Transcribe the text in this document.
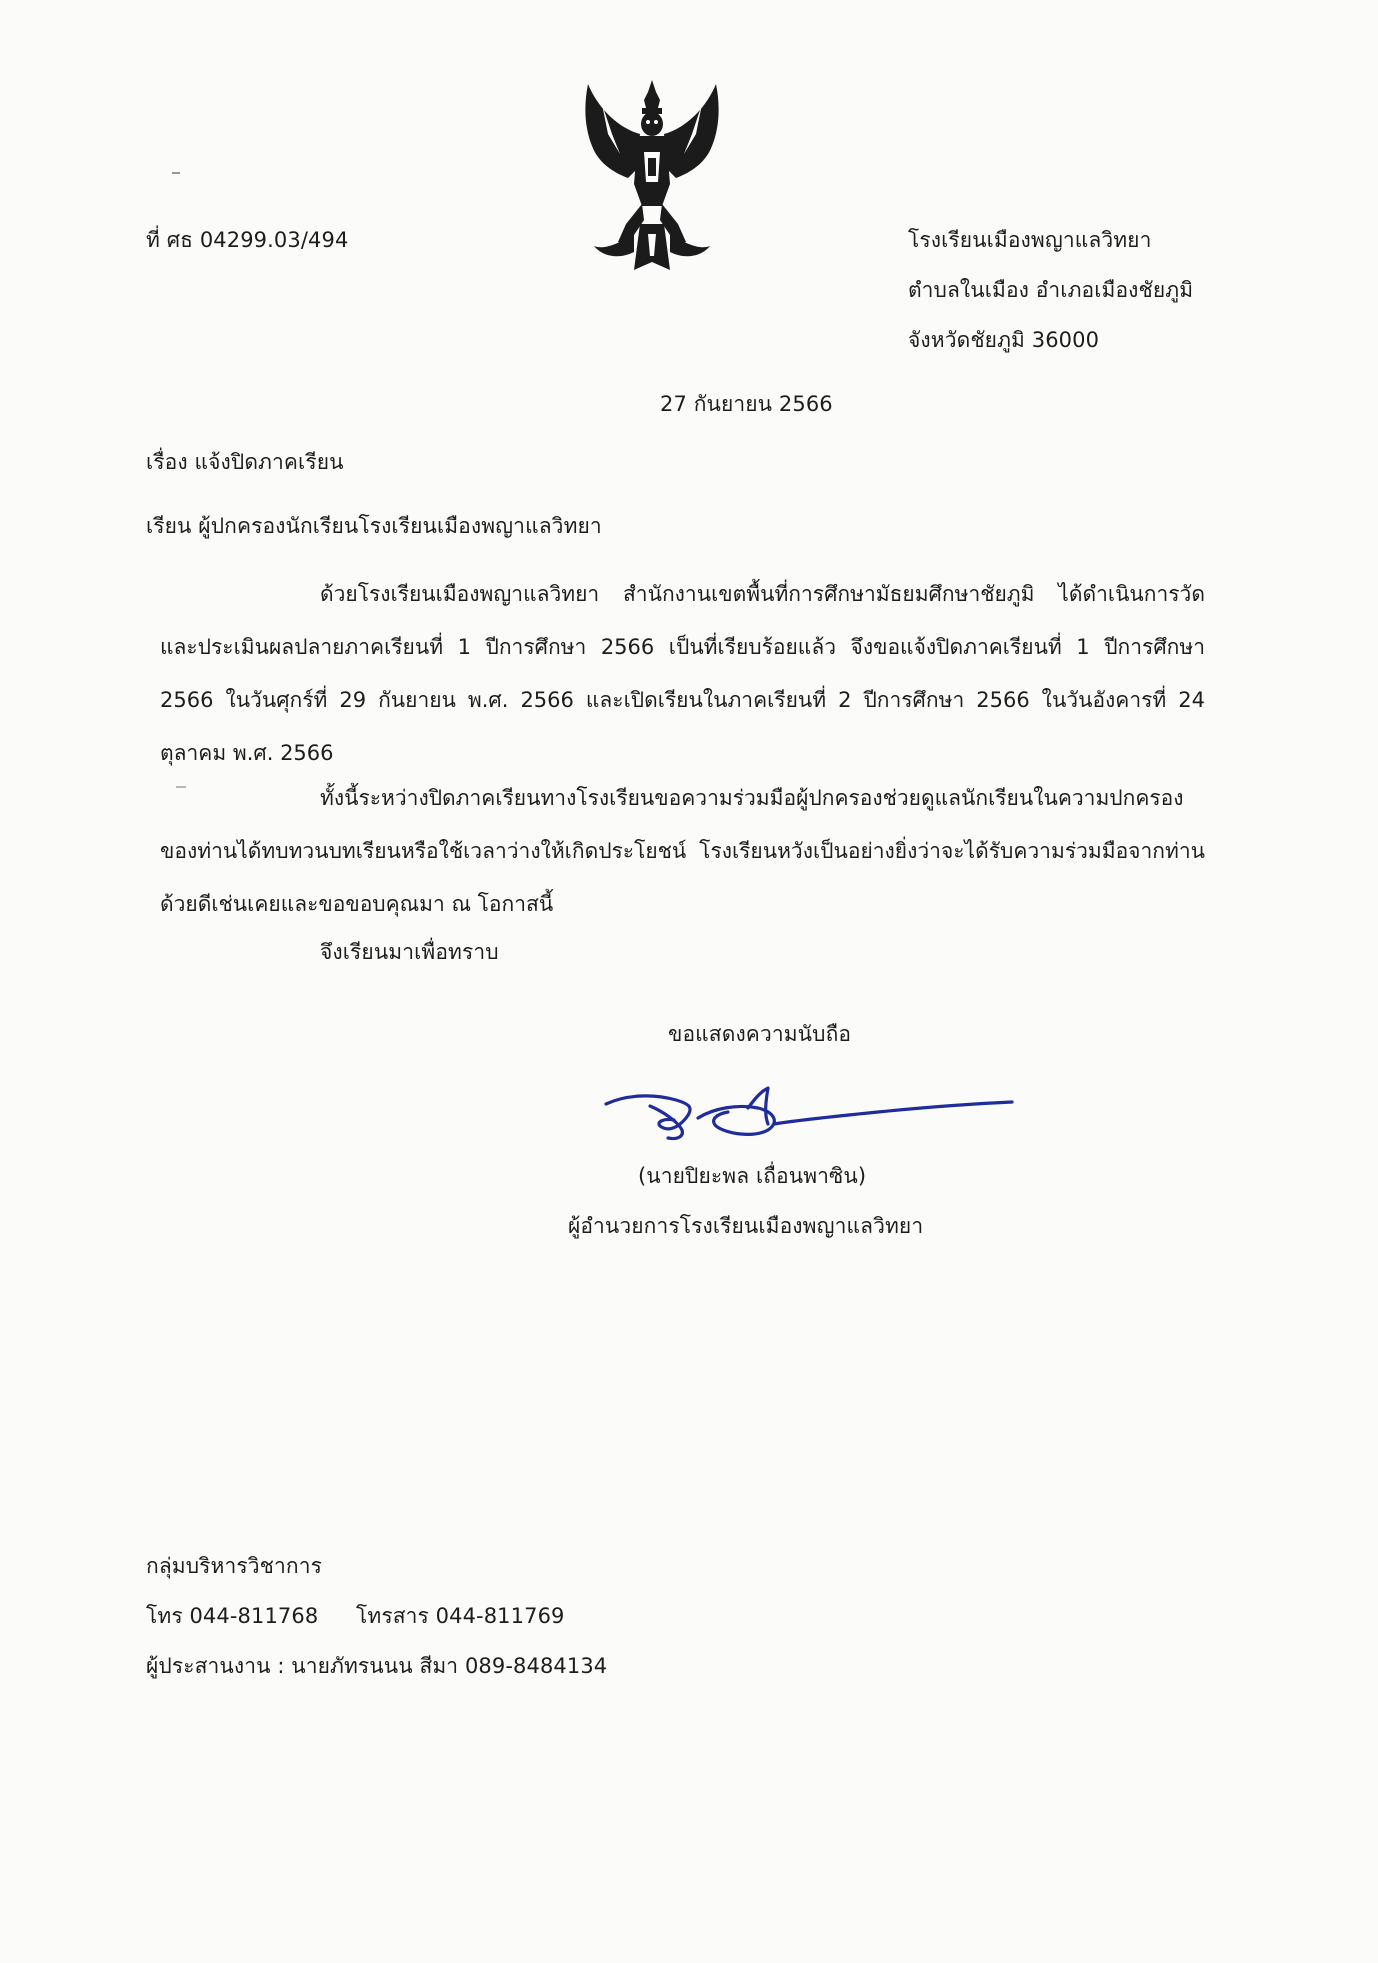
ที่ ศธ 04299.03/494	โรงเรียนเมืองพญาแลวิทยา
ตำบลในเมือง อำเภอเมืองชัยภูมิ
จังหวัดชัยภูมิ 36000
27 กันยายน 2566
เรื่อง แจ้งปิดภาคเรียน
เรียน ผู้ปกครองนักเรียนโรงเรียนเมืองพญาแลวิทยา
ด้วยโรงเรียนเมืองพญาแลวิทยา สำนักงานเขตพื้นที่การศึกษามัธยมศึกษาชัยภูมิ ได้ดำเนินการวัดและประเมินผลปลายภาคเรียนที่ 1 ปีการศึกษา 2566 เป็นที่เรียบร้อยแล้ว จึงขอแจ้งปิดภาคเรียนที่ 1 ปีการศึกษา 2566 ในวันศุกร์ที่ 29 กันยายน พ.ศ. 2566 และเปิดเรียนในภาคเรียนที่ 2 ปีการศึกษา 2566 ในวันอังคารที่ 24 ตุลาคม พ.ศ. 2566
ทั้งนี้ระหว่างปิดภาคเรียนทางโรงเรียนขอความร่วมมือผู้ปกครองช่วยดูแลนักเรียนในความปกครองของท่านได้ทบทวนบทเรียนหรือใช้เวลาว่างให้เกิดประโยชน์ โรงเรียนหวังเป็นอย่างยิ่งว่าจะได้รับความร่วมมือจากท่านด้วยดีเช่นเคยและขอขอบคุณมา ณ โอกาสนี้
จึงเรียนมาเพื่อทราบ
ขอแสดงความนับถือ
(นายปิยะพล เถื่อนพาซิน)
ผู้อำนวยการโรงเรียนเมืองพญาแลวิทยา
กลุ่มบริหารวิชาการ
โทร 044-811768 โทรสาร 044-811769
ผู้ประสานงาน : นายภัทรนนน สีมา 089-8484134
